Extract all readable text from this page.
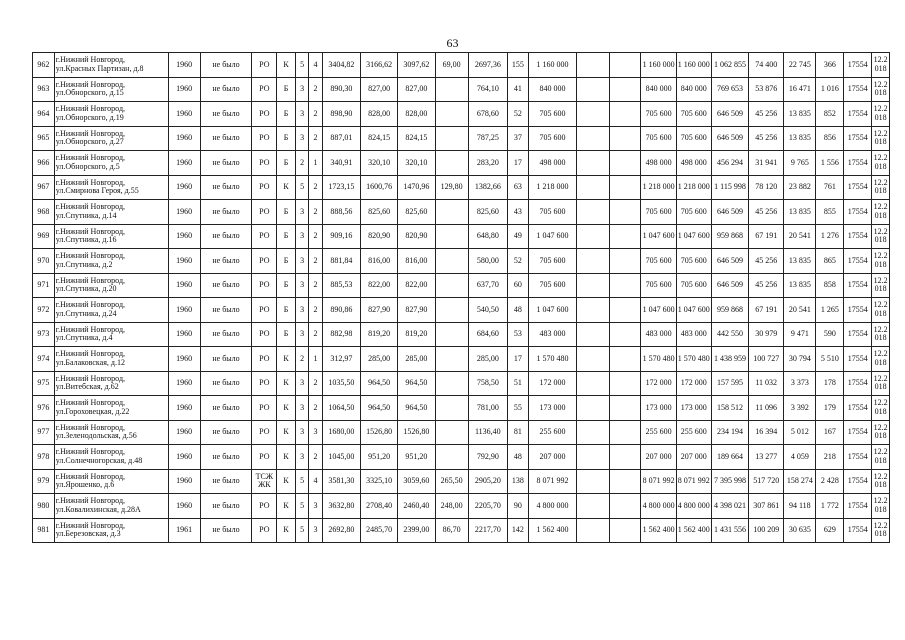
63
962	г.Нижний Новгород, ул.Красных Партизан, д.8	1960	не было	РО	К	5	4	3404,82	3166,62	3097,62	69,00	2697,36	155	1 160 000			1 160 000	1 160 000	1 062 855	74 400	22 745	366	17554	12.2018
963	г.Нижний Новгород, ул.Обнорского, д.15	1960	не было	РО	Б	3	2	890,30	827,00	827,00		764,10	41	840 000			840 000	840 000	769 653	53 876	16 471	1 016	17554	12.2018
964	г.Нижний Новгород, ул.Обнорского, д.19	1960	не было	РО	Б	3	2	898,90	828,00	828,00		678,60	52	705 600			705 600	705 600	646 509	45 256	13 835	852	17554	12.2018
965	г.Нижний Новгород, ул.Обнорского, д.27	1960	не было	РО	Б	3	2	887,01	824,15	824,15		787,25	37	705 600			705 600	705 600	646 509	45 256	13 835	856	17554	12.2018
966	г.Нижний Новгород, ул.Обнорского, д.5	1960	не было	РО	Б	2	1	340,91	320,10	320,10		283,20	17	498 000			498 000	498 000	456 294	31 941	9 765	1 556	17554	12.2018
967	г.Нижний Новгород, ул.Смирнова Героя, д.55	1960	не было	РО	К	5	2	1723,15	1600,76	1470,96	129,80	1382,66	63	1 218 000			1 218 000	1 218 000	1 115 998	78 120	23 882	761	17554	12.2018
968	г.Нижний Новгород, ул.Спутника, д.14	1960	не было	РО	Б	3	2	888,56	825,60	825,60		825,60	43	705 600			705 600	705 600	646 509	45 256	13 835	855	17554	12.2018
969	г.Нижний Новгород, ул.Спутника, д.16	1960	не было	РО	Б	3	2	909,16	820,90	820,90		648,80	49	1 047 600			1 047 600	1 047 600	959 868	67 191	20 541	1 276	17554	12.2018
970	г.Нижний Новгород, ул.Спутника, д.2	1960	не было	РО	Б	3	2	881,84	816,00	816,00		580,00	52	705 600			705 600	705 600	646 509	45 256	13 835	865	17554	12.2018
971	г.Нижний Новгород, ул.Спутника, д.20	1960	не было	РО	Б	3	2	885,53	822,00	822,00		637,70	60	705 600			705 600	705 600	646 509	45 256	13 835	858	17554	12.2018
972	г.Нижний Новгород, ул.Спутника, д.24	1960	не было	РО	Б	3	2	890,86	827,90	827,90		540,50	48	1 047 600			1 047 600	1 047 600	959 868	67 191	20 541	1 265	17554	12.2018
973	г.Нижний Новгород, ул.Спутника, д.4	1960	не было	РО	Б	3	2	882,98	819,20	819,20		684,60	53	483 000			483 000	483 000	442 550	30 979	9 471	590	17554	12.2018
974	г.Нижний Новгород, ул.Балаковская, д.12	1960	не было	РО	К	2	1	312,97	285,00	285,00		285,00	17	1 570 480			1 570 480	1 570 480	1 438 959	100 727	30 794	5 510	17554	12.2018
975	г.Нижний Новгород, ул.Витебская, д.62	1960	не было	РО	К	3	2	1035,50	964,50	964,50		758,50	51	172 000			172 000	172 000	157 595	11 032	3 373	178	17554	12.2018
976	г.Нижний Новгород, ул.Гороховецкая, д.22	1960	не было	РО	К	3	2	1064,50	964,50	964,50		781,00	55	173 000			173 000	173 000	158 512	11 096	3 392	179	17554	12.2018
977	г.Нижний Новгород, ул.Зеленодольская, д.56	1960	не было	РО	К	3	3	1680,00	1526,80	1526,80		1136,40	81	255 600			255 600	255 600	234 194	16 394	5 012	167	17554	12.2018
978	г.Нижний Новгород, ул.Солнечногорская, д.48	1960	не было	РО	К	3	2	1045,00	951,20	951,20		792,90	48	207 000			207 000	207 000	189 664	13 277	4 059	218	17554	12.2018
979	г.Нижний Новгород, ул.Ярошенко, д.6	1960	не было	ТСЖЖК	К	5	4	3581,30	3325,10	3059,60	265,50	2905,20	138	8 071 992			8 071 992	8 071 992	7 395 998	517 720	158 274	2 428	17554	12.2018
980	г.Нижний Новгород, ул.Ковалихинская, д.28А	1960	не было	РО	К	5	3	3632,80	2708,40	2460,40	248,00	2205,70	90	4 800 000			4 800 000	4 800 000	4 398 021	307 861	94 118	1 772	17554	12.2018
981	г.Нижний Новгород, ул.Березовская, д.3	1961	не было	РО	К	5	3	2692,80	2485,70	2399,00	86,70	2217,70	142	1 562 400			1 562 400	1 562 400	1 431 556	100 209	30 635	629	17554	12.2018
